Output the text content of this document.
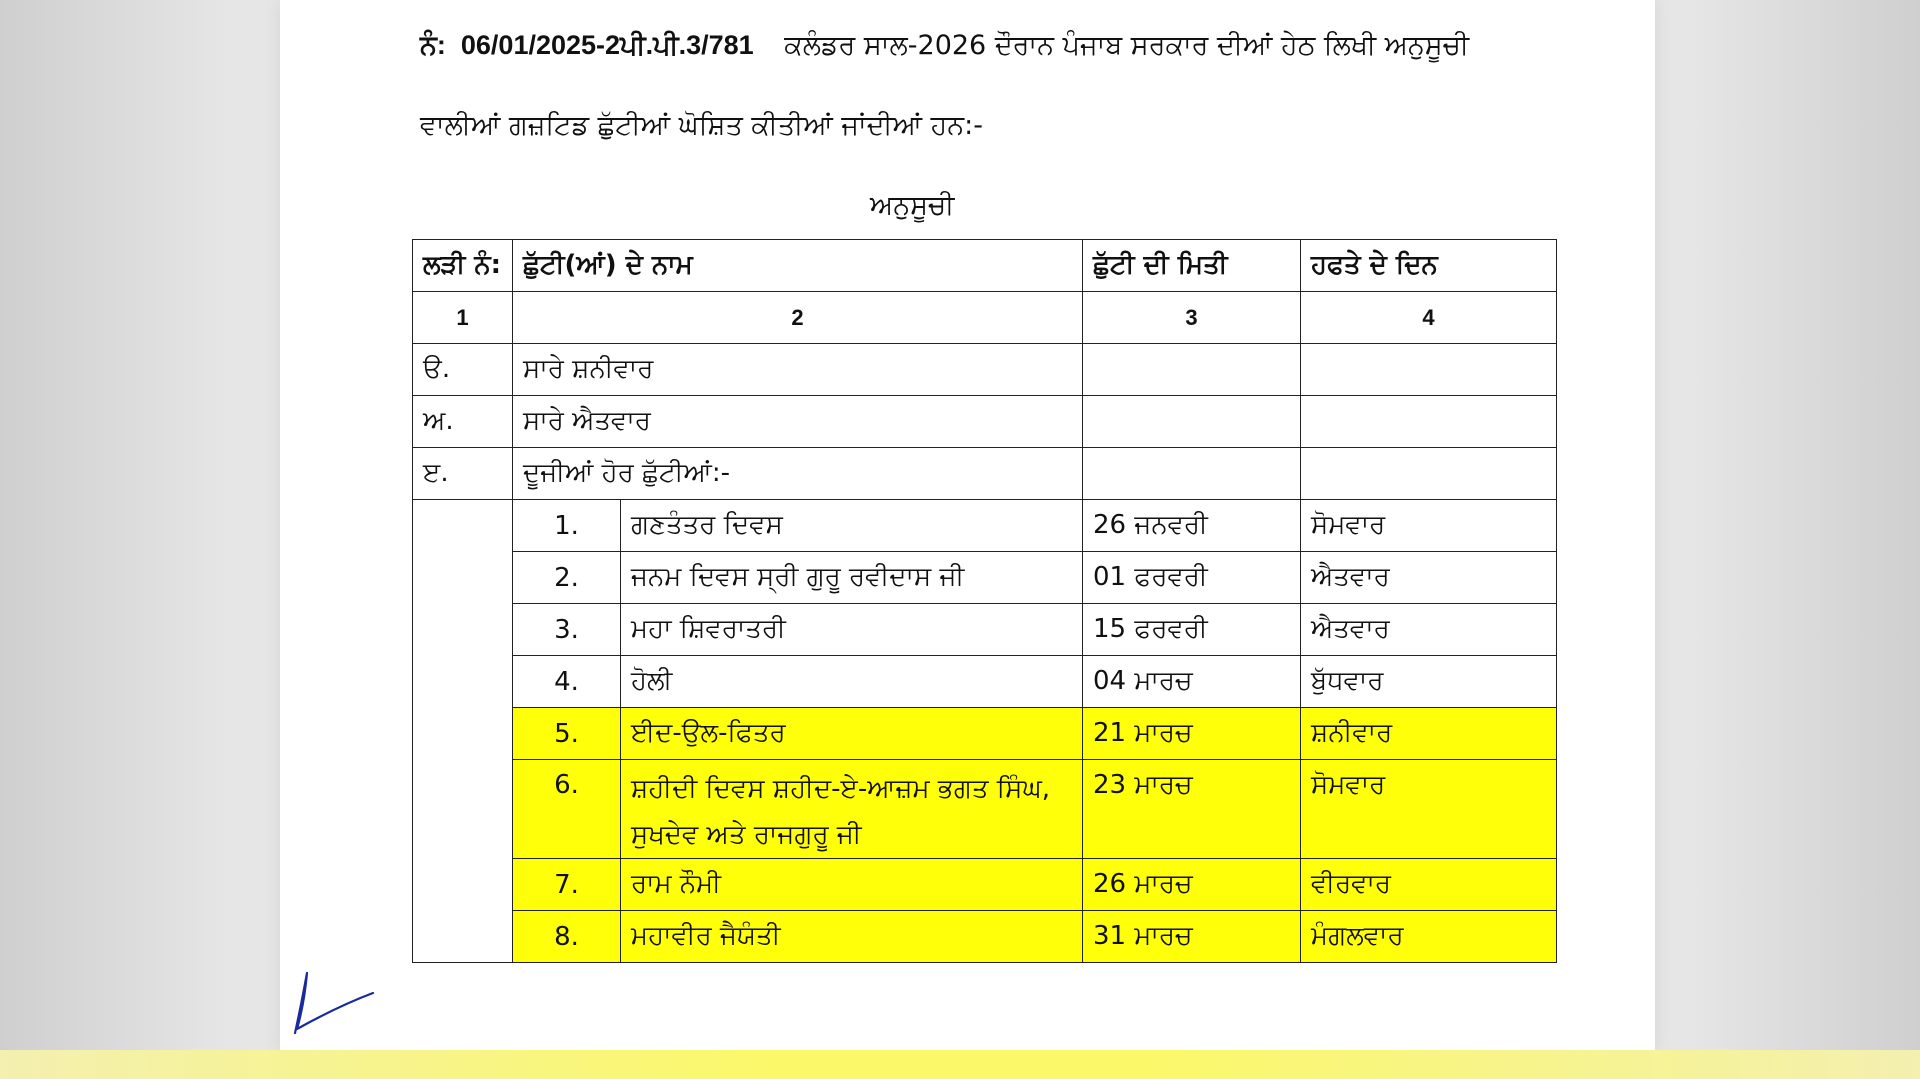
ਨੰ: 06/01/2025-2ਪੀ.ਪੀ.3/781 ਕਲੰਡਰ ਸਾਲ-2026 ਦੌਰਾਨ ਪੰਜਾਬ ਸਰਕਾਰ ਦੀਆਂ ਹੇਠ ਲਿਖੀ ਅਨੁਸੂਚੀ
ਵਾਲੀਆਂ ਗਜ਼ਟਿਡ ਛੁੱਟੀਆਂ ਘੋਸ਼ਿਤ ਕੀਤੀਆਂ ਜਾਂਦੀਆਂ ਹਨ:-
ਅਨੁਸੂਚੀ
ਲੜੀ ਨੰ:	ਛੁੱਟੀ(ਆਂ) ਦੇ ਨਾਮ		ਛੁੱਟੀ ਦੀ ਮਿਤੀ	ਹਫਤੇ ਦੇ ਦਿਨ
1	2		3	4
ੳ.	ਸਾਰੇ ਸ਼ਨੀਵਾਰ			
ਅ.	ਸਾਰੇ ਐਤਵਾਰ			
ੲ.	ਦੂਜੀਆਂ ਹੋਰ ਛੁੱਟੀਆਂ:-			
	1.	ਗਣਤੰਤਰ ਦਿਵਸ	26 ਜਨਵਰੀ	ਸੋਮਵਾਰ
	2.	ਜਨਮ ਦਿਵਸ ਸ੍ਰੀ ਗੁਰੂ ਰਵੀਦਾਸ ਜੀ	01 ਫਰਵਰੀ	ਐਤਵਾਰ
	3.	ਮਹਾ ਸ਼ਿਵਰਾਤਰੀ	15 ਫਰਵਰੀ	ਐਤਵਾਰ
	4.	ਹੋਲੀ	04 ਮਾਰਚ	ਬੁੱਧਵਾਰ
	5.	ਈਦ-ਉਲ-ਫਿਤਰ	21 ਮਾਰਚ	ਸ਼ਨੀਵਾਰ
	6.	ਸ਼ਹੀਦੀ ਦਿਵਸ ਸ਼ਹੀਦ-ਏ-ਆਜ਼ਮ ਭਗਤ ਸਿੰਘ, ਸੁਖਦੇਵ ਅਤੇ ਰਾਜਗੁਰੂ ਜੀ	23 ਮਾਰਚ	ਸੋਮਵਾਰ
	7.	ਰਾਮ ਨੌਮੀ	26 ਮਾਰਚ	ਵੀਰਵਾਰ
	8.	ਮਹਾਵੀਰ ਜੈਯੰਤੀ	31 ਮਾਰਚ	ਮੰਗਲਵਾਰ
